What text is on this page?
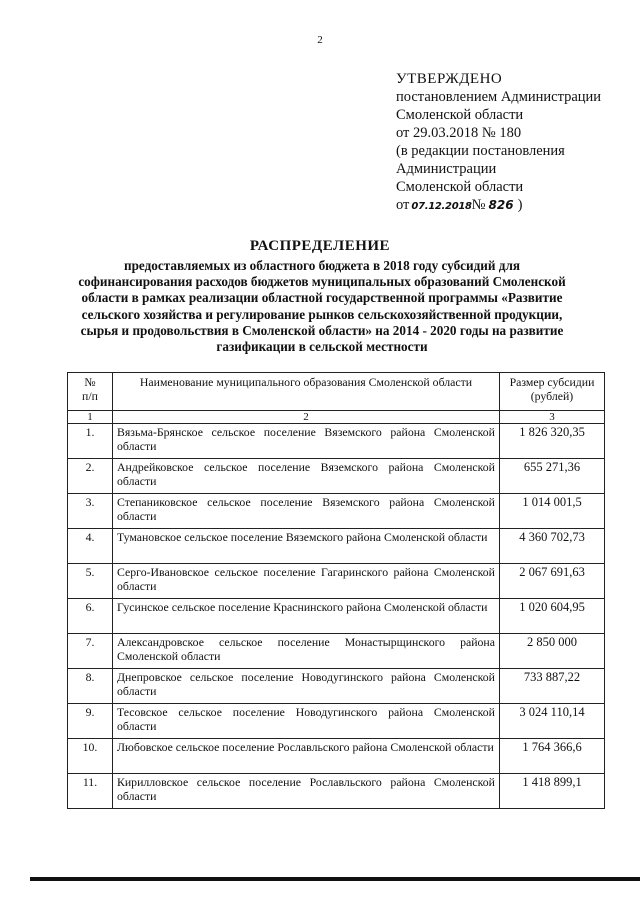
2
УТВЕРЖДЕНО
постановлением Администрации
Смоленской области
от 29.03.2018 № 180
(в редакции постановления
Администрации
Смоленской области
от 07.12.2018 № 826 )
РАСПРЕДЕЛЕНИЕ
предоставляемых из областного бюджета в 2018 году субсидий для софинансирования расходов бюджетов муниципальных образований Смоленской области в рамках реализации областной государственной программы «Развитие сельского хозяйства и регулирование рынков сельскохозяйственной продукции, сырья и продовольствия в Смоленской области» на 2014 - 2020 годы на развитие газификации в сельской местности
№
п/п	Наименование муниципального образования Смоленской области	Размер субсидии
(рублей)
1	2	3
1.	Вязьма-Брянское сельское поселение Вяземского района Смоленской области	1 826 320,35
2.	Андрейковское сельское поселение Вяземского района Смоленской области	655 271,36
3.	Степаниковское сельское поселение Вяземского района Смоленской области	1 014 001,5
4.	Тумановское сельское поселение Вяземского района Смоленской области	4 360 702,73
5.	Серго-Ивановское сельское поселение Гагаринского района Смоленской области	2 067 691,63
6.	Гусинское сельское поселение Краснинского района Смоленской области	1 020 604,95
7.	Александровское сельское поселение Монастырщинского района Смоленской области	2 850 000
8.	Днепровское сельское поселение Новодугинского района Смоленской области	733 887,22
9.	Тесовское сельское поселение Новодугинского района Смоленской области	3 024 110,14
10.	Любовское сельское поселение Рославльского района Смоленской области	1 764 366,6
11.	Кирилловское сельское поселение Рославльского района Смоленской области	1 418 899,1
